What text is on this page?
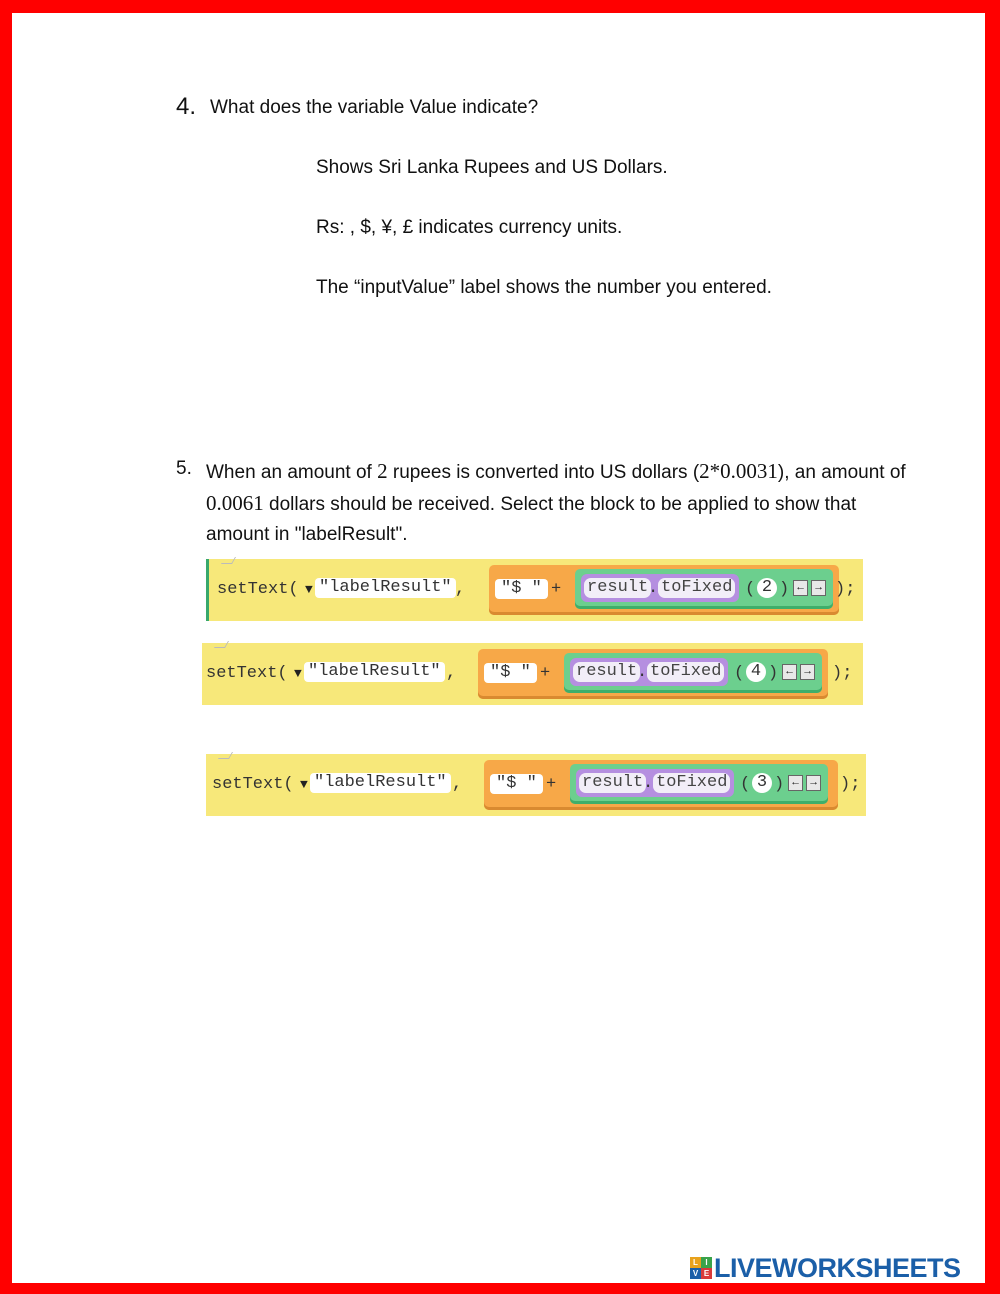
4. What does the variable Value indicate?
Shows Sri Lanka Rupees and US Dollars.
Rs: , $, ¥, £ indicates currency units.
The “inputValue” label shows the number you entered.
5. When an amount of 2 rupees is converted into US dollars (2*0.0031), an amount of 0.0061 dollars should be received. Select the block to be applied to show that amount in "labelResult".
setText( ▼ "labelResult" ,	"$ " + result . toFixed ( 2 ) ←	→ );
setText( ▼ "labelResult" ,	"$ " + result . toFixed ( 4 ) ←	→ );
setText( ▼ "labelResult" ,	"$ " + result . toFixed ( 3 ) ←	→ );
L I
V E LIVEWORKSHEETS
